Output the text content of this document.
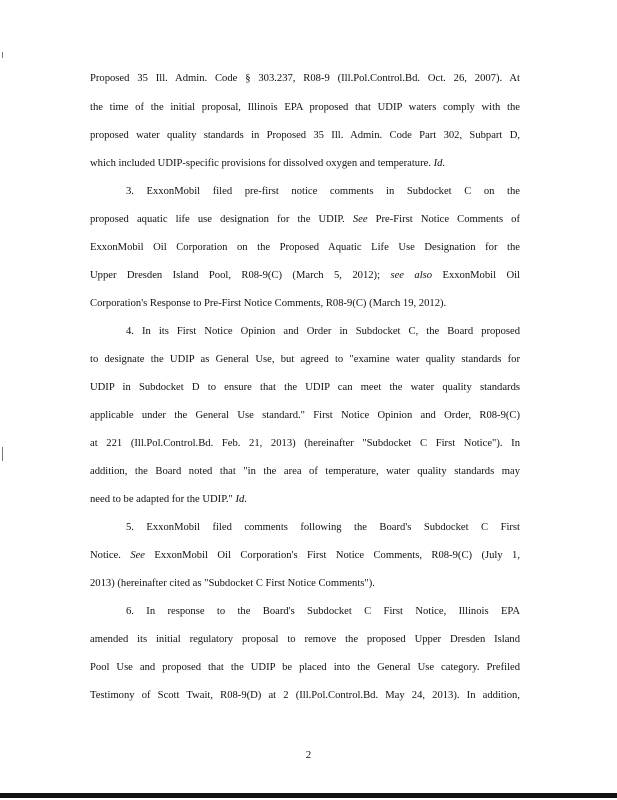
Proposed 35 Ill. Admin. Code § 303.237, R08-9 (Ill.Pol.Control.Bd. Oct. 26, 2007). At
the time of the initial proposal, Illinois EPA proposed that UDIP waters comply with the
proposed water quality standards in Proposed 35 Ill. Admin. Code Part 302, Subpart D,
which included UDIP-specific provisions for dissolved oxygen and temperature. Id.
3. ExxonMobil filed pre-first notice comments in Subdocket C on the
proposed aquatic life use designation for the UDIP. See Pre-First Notice Comments of
ExxonMobil Oil Corporation on the Proposed Aquatic Life Use Designation for the
Upper Dresden Island Pool, R08-9(C) (March 5, 2012); see also ExxonMobil Oil
Corporation's Response to Pre-First Notice Comments, R08-9(C) (March 19, 2012).
4. In its First Notice Opinion and Order in Subdocket C, the Board proposed
to designate the UDIP as General Use, but agreed to "examine water quality standards for
UDIP in Subdocket D to ensure that the UDIP can meet the water quality standards
applicable under the General Use standard." First Notice Opinion and Order, R08-9(C)
at 221 (Ill.Pol.Control.Bd. Feb. 21, 2013) (hereinafter "Subdocket C First Notice"). In
addition, the Board noted that "in the area of temperature, water quality standards may
need to be adapted for the UDIP." Id.
5. ExxonMobil filed comments following the Board's Subdocket C First
Notice. See ExxonMobil Oil Corporation's First Notice Comments, R08-9(C) (July 1,
2013) (hereinafter cited as "Subdocket C First Notice Comments").
6. In response to the Board's Subdocket C First Notice, Illinois EPA
amended its initial regulatory proposal to remove the proposed Upper Dresden Island
Pool Use and proposed that the UDIP be placed into the General Use category. Prefiled
Testimony of Scott Twait, R08-9(D) at 2 (Ill.Pol.Control.Bd. May 24, 2013). In addition,
2
